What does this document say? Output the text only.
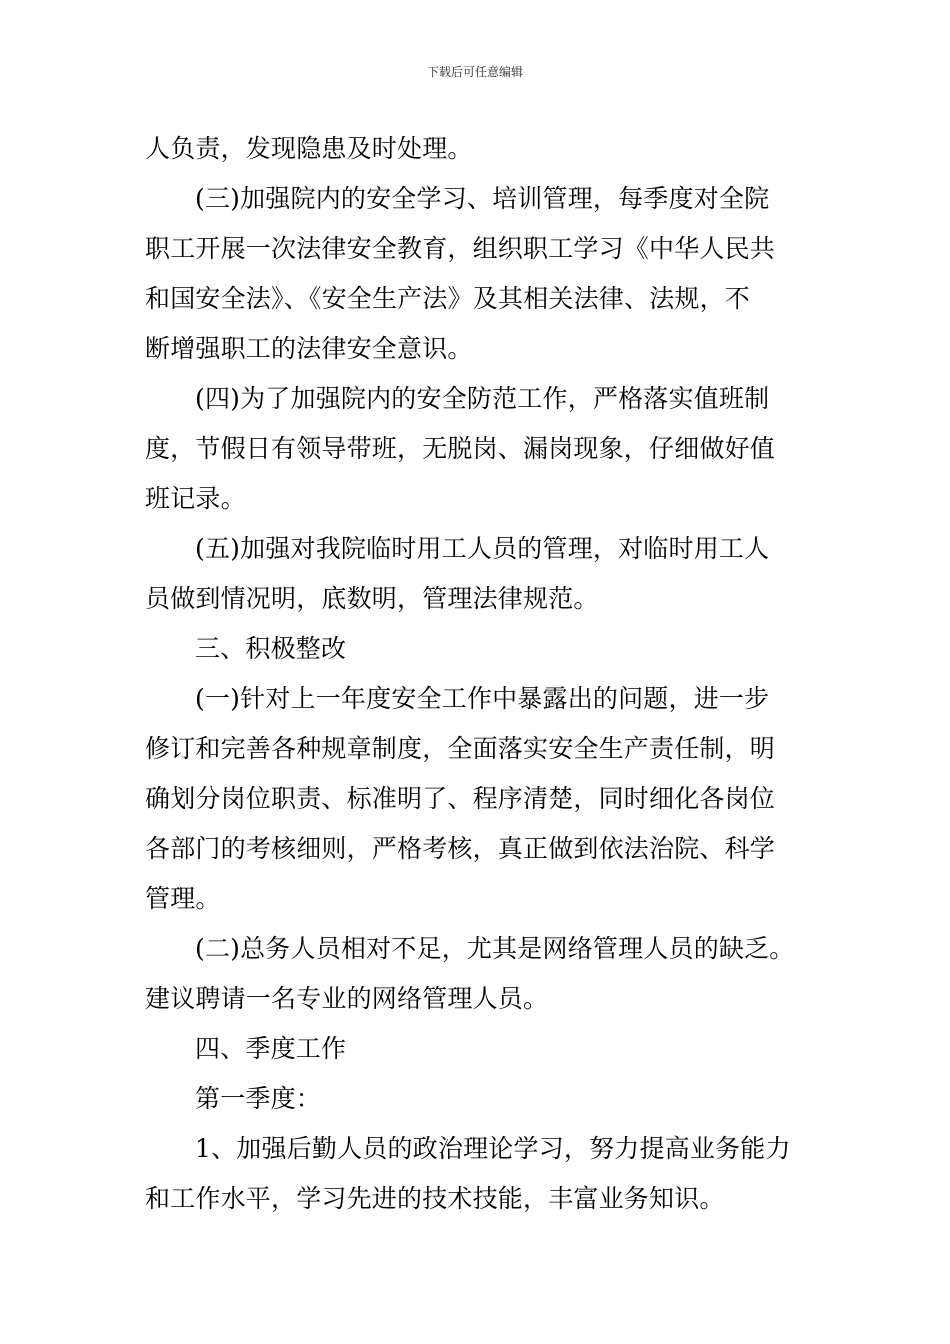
下载后可任意编辑
人负责，发现隐患及时处理。
(三)加强院内的安全学习、培训管理，每季度对全院
职工开展一次法律安全教育，组织职工学习《中华人民共
和国安全法》、《安全生产法》及其相关法律、法规，不
断增强职工的法律安全意识。
(四)为了加强院内的安全防范工作，严格落实值班制
度，节假日有领导带班，无脱岗、漏岗现象，仔细做好值
班记录。
(五)加强对我院临时用工人员的管理，对临时用工人
员做到情况明，底数明，管理法律规范。
三、积极整改
(一)针对上一年度安全工作中暴露出的问题，进一步
修订和完善各种规章制度，全面落实安全生产责任制，明
确划分岗位职责、标准明了、程序清楚，同时细化各岗位
各部门的考核细则，严格考核，真正做到依法治院、科学
管理。
(二)总务人员相对不足，尤其是网络管理人员的缺乏。
建议聘请一名专业的网络管理人员。
四、季度工作
第一季度：
1、加强后勤人员的政治理论学习，努力提高业务能力
和工作水平，学习先进的技术技能，丰富业务知识。
